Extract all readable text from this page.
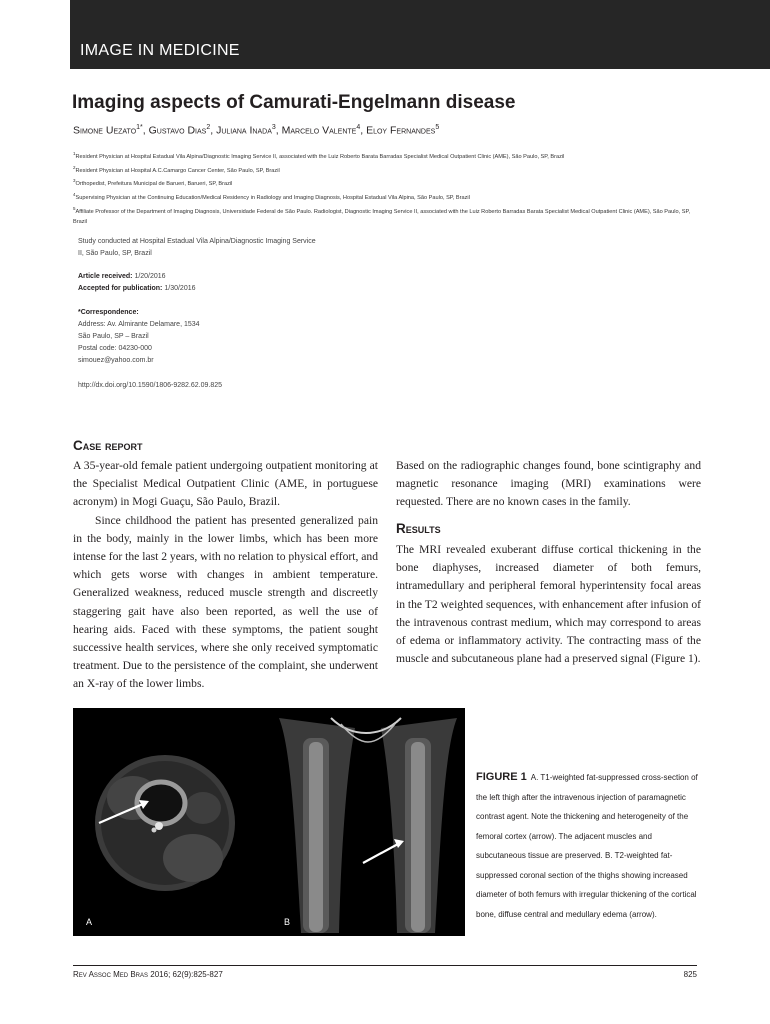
IMAGE IN MEDICINE
Imaging aspects of Camurati-Engelmann disease
Simone Uezato$^{1*}$, Gustavo Dias$^2$, Juliana Inada$^3$, Marcelo Valente$^4$, Eloy Fernandes$^5$

$^1$Resident Physician at Hospital Estadual Vila Alpina/Diagnostic Imaging Service II, associated with the Luiz Roberto Barata Barradas Specialist Medical Outpatient Clinic (AME), São Paulo, SP, Brazil

$^2$Resident Physician at Hospital A.C.Camargo Cancer Center, São Paulo, SP, Brazil

$^3$Orthopedist, Prefeitura Municipal de Barueri, Barueri, SP, Brazil

$^4$Supervising Physician at the Continuing Education/Medical Residency in Radiology and Imaging Diagnosis, Hospital Estadual Vila Alpina, São Paulo, SP, Brazil

$^5$Affiliate Professor of the Department of Imaging Diagnosis, Universidade Federal de São Paulo. Radiologist, Diagnostic Imaging Service II, associated with the Luiz Roberto Barradas Barata Specialist Medical Outpatient Clinic (AME), São Paulo, SP, Brazil

Study conducted at Hospital Estadual Vila Alpina/Diagnostic Imaging Service II, São Paulo, SP, Brazil

Article received: 1/20/2016

Accepted for publication: 1/30/2016

*Correspondence:

Address: Av. Almirante Delamare, 1534

São Paulo, SP – Brazil

Postal code: 04230-000

simouez@yahoo.com.br

http://dx.doi.org/10.1590/1806-9282.62.09.825

Case report

A 35-year-old female patient undergoing outpatient monitoring at the Specialist Medical Outpatient Clinic (AME, in portuguese acronym) in Mogi Guaçu, São Paulo, Brazil.

Since childhood the patient has presented generalized pain in the body, mainly in the lower limbs, which has been more intense for the last 2 years, with no relation to physical effort, and which gets worse with changes in ambient temperature. Generalized weakness, reduced muscle strength and discreetly staggering gait have also been reported, as well the use of hearing aids. Faced with these symptoms, the patient sought successive health services, where she only received symptomatic treatment. Due to the persistence of the complaint, she underwent an X-ray of the lower limbs.

Based on the radiographic changes found, bone scintigraphy and magnetic resonance imaging (MRI) examinations were requested. There are no known cases in the family.

Results

The MRI revealed exuberant diffuse cortical thickening in the bone diaphyses, increased diameter of both femurs, intramedullary and peripheral femoral hyperintensity focal areas in the T2 weighted sequences, with enhancement after infusion of the intravenous contrast medium, which may correspond to areas of edema or inflammatory activity. The contracting mass of the muscle and subcutaneous plane had a preserved signal (Figure 1).

A	B
FIGURE 1 A. T1-weighted fat-suppressed cross-section of the left thigh after the intravenous injection of paramagnetic contrast agent. Note the thickening and heterogeneity of the femoral cortex (arrow). The adjacent muscles and subcutaneous tissue are preserved. B. T2-weighted fat-suppressed coronal section of the thighs showing increased diameter of both femurs with irregular thickening of the cortical bone, diffuse central and medullary edema (arrow).
Rev Assoc Med Bras 2016; 62(9):825-827	825
